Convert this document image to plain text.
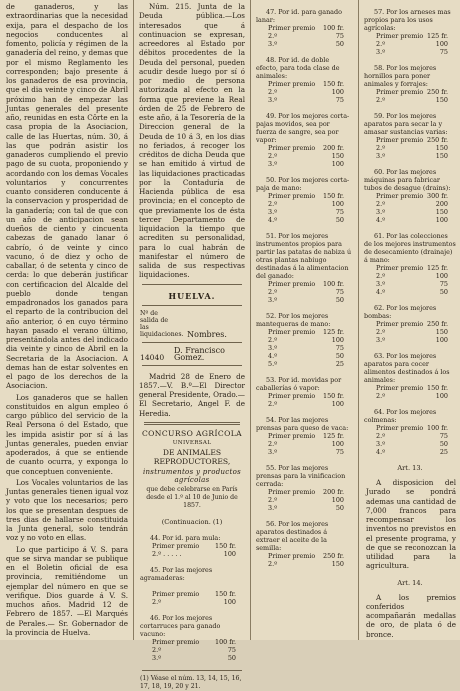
de ganaderos, y las extraordinarias que la necesidad exija, para el despacho de los negocios conducentes al fomento, policía y régimen de la ganadería del reino, y demas que por el mismo Reglamento les corresponden; bajo presente á los ganaderos de esa provincia, que el dia veinte y cinco de Abril próximo han de empezar las Juntas generales del presente año, reunidas en esta Côrte en la casa propia de la Asociacion, calle de las Huertas, núm. 30, á las que podrán asistir los ganaderos cumpliendo el previo pago de su cuota, proponiendo y acordando con los demas Vocales voluntarios y concurrentes cuanto consideren conducente á la conservacion y prosperidad de la ganadería; con tal de que con un año de anticipacion sean dueños de ciento y cincuenta cabezas de ganado lanar ó cabrío, ó de veinte y cinco vacuno, ó de diez y ocho de caballar, ó de setenta y cinco de cerda: lo que deberán justificar con certificacion del Alcalde del pueblo donde tengan empadronados los ganados para el reparto de la contribucion del año anterior, ó en cuyo término hayan pasado el verano último, presentándola antes del indicado dia veinte y cinco de Abril en la Secretaria de la Asociacion. A demas han de estar solventes en el pago de los derechos de la Asociacion.

Los ganaderos que se hallen constituidos en algun empleo ó cargo público del servicio de la Real Persona ó del Estado, que les impida asistir por sí á las Juntas generales, pueden enviar apoderados, á que se entiende de cuanto ocurra, y exponga lo que conceptuen conveniente.

Los Vocales voluntarios de las Juntas generales tienen igual voz y voto que los necesarios; pero los que se presentan despues de tres dias de hallarse constituida la Junta general, solo tendrán voz y no voto en ellas.

Lo que participo á V. S. para que se sirva mandar se publique en el Boletin oficial de esa provincia, remitiéndome un ejemplar del número en que se verifique. Dios guarde á V. S. muchos años. Madrid 12 de Febrero de 1857. —El Marqués de Perales.— Sr. Gobernador de la provincia de Huelva.

Núm. 215. Junta de la Deuda pública.—Los interesados que á continuacion se expresan, acreedores al Estado por débitos procedentes de la Deuda del personal, pueden acudir desde luego por sí ó por medio de persona autorizada al efecto en la forma que previene la Real órden de 25 de Febrero de este año, á la Tesorería de la Direccion general de la Deuda de 10 á 3, en los dias no feriados, á recoger los créditos de dicha Deuda que se han emitido á virtud de las liquidaciones practicadas por la Contaduría de Hacienda pública de esa provincia; en el concepto de que previamente los de ésta tercer Departamento de liquidacion la tiempo que acrediten su personalidad, para lo cual habrán de manifestar el número de salida de sus respectivas liquidaciones.

HUELVA.
Nº de salida de las liquidaciones. Nombres.
14040
D. Francisco Gomez.

Madrid 28 de Enero de 1857.—V. B.º—El Director general Presidente, Orado.—El Secretario, Angel F. de Heredia.

CONCURSO AGRÍCOLA
UNIVERSAL
DE ANIMALES REPRODUCTORES,
instrumentos y productos agrícolas
que debe celebrarse en París desde el 1.º al 10 de Junio de 1857.
(Continuacion. (1)
44. Por id. para mula:
Primer premio 150 fr.
2.º . . . . .	100
45. Por las mejores agramaderas:
Primer premio 150 fr.
2.º	100
46. Por los mejores cortarruces para ganado vacuno:
Primer premio 100 fr.
2.º	75
3.º	50
(1) Véase el núm. 13, 14, 15, 16, 17, 18, 19, 20 y 21.
47. Por id. para ganado lanar:
Primer premio 100 fr.
2.º	75
3.º	50
48. Por id. de doble efecto, para toda clase de animales:
Primer premio 150 fr.
2.º	100
3.º	75
49. Por los mejores corta-pajas movidos, sea por fuerza de sangre, sea por vapor:
Primer premio 200 fr.
2.º	150
3.º	100
50. Por los mejores corta-paja de mano:
Primer premio 150 fr.
2.º	100
3.º	75
4.º	50
51. Por los mejores instrumentos propios para partir las patatas de nabiza ú otras plantas nabiugo destinadas á la alimentacion del ganado:
Primer premio 100 fr.
2.º	75
3.º	50
52. Por los mejores mantequeras de mano:
Primer premio 125 fr.
2.º	100
3.º	75
4.º	50
5.º	25
53. Por id. movidas por caballerías ó vapor:
Primer premio 150 fr.
2.º	100
54. Por las mejores prensas para queso de vaca:
Primer premio 125 fr.
2.º	100
3.º	75
55. Por las mejores prensas para la vinificacion cerrada:
Primer premio 200 fr.
2.º	100
3.º	50
56. Por los mejores aparatos destinados á extraer el aceite de la semilla:
Primer premio 250 fr.
2.º	150
57. Por los arneses mas propios para los usos agrícolas:
Primer premio 125 fr.
2.º	100
3.º	75
58. Por los mejores hornillos para poner animales y forrajes:
Primer premio 250 fr.
2.º	150
59. Por los mejores aparatos para secar la y amasar sustancias varias:
Primer premio 250 fr.
2.º	150
3.º	150
60. Por las mejores máquinas para fabricar tubos de desague (drains):
Primer premio 300 fr.
2.º	200
3.º	150
4.º	100
61. Por las colecciones de los mejores instrumentos de desecamiento (drainaje) á mano:
Primer premio 125 fr.
2.º	100
3.º	75
4.º	50
62. Por los mejores bombas:
Primer premio 250 fr.
2.º	150
3.º	100
63. Por los mejores aparatos para cocer alimentos destinados á los animales:
Primer premio 150 fr.
2.º	100
64. Por los mejores colmenas:
Primer premio 100 fr.
2.º	75
3.º	50
4.º	25
Art. 13.

A disposicion del Jurado se pondrá ademas una cantidad de 7,000 francos para recompensar los inventos no previstos en el presente programa, y de que se reconozcan la utilidad para la agricultura.

Art. 14.

A los premios conferidos acompañarán medallas de oro, de plata ó de bronce.
